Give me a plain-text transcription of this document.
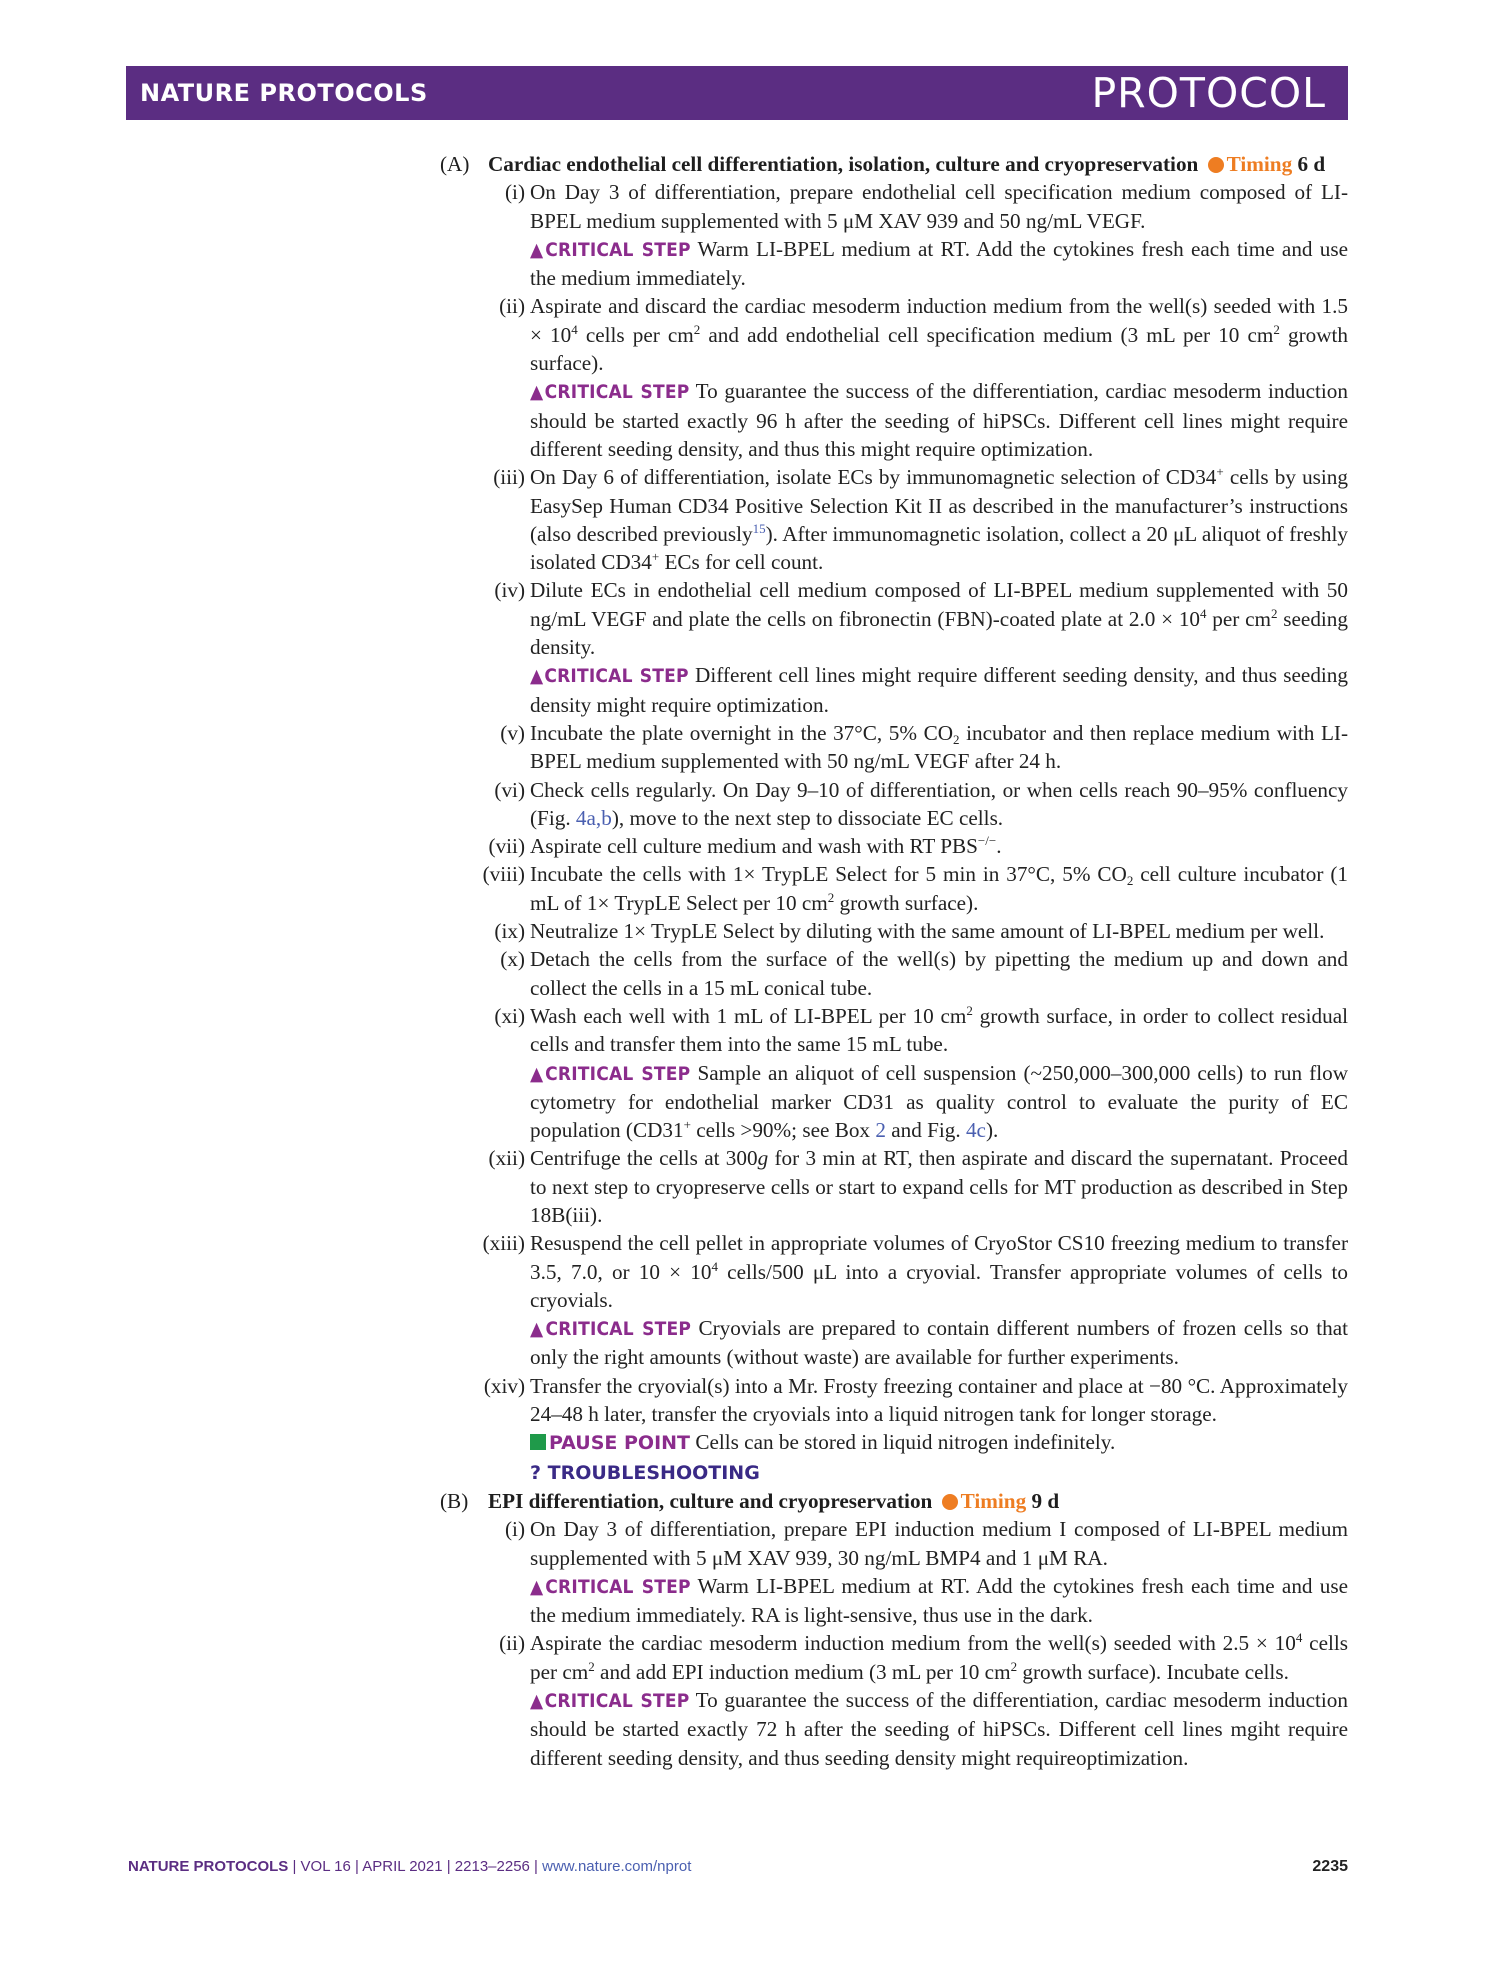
NATURE PROTOCOLS	PROTOCOL
(A) Cardiac endothelial cell differentiation, isolation, culture and cryopreservation Timing 6 d
(i) On Day 3 of differentiation, prepare endothelial cell specification medium composed of LI-BPEL medium supplemented with 5 μM XAV 939 and 50 ng/mL VEGF.
▲CRITICAL STEP Warm LI-BPEL medium at RT. Add the cytokines fresh each time and use the medium immediately.
(ii) Aspirate and discard the cardiac mesoderm induction medium from the well(s) seeded with $1.5 \times 10^4$ cells per $cm^2$ and add endothelial cell specification medium (3 mL per 10 $cm^2$ growth surface).
▲CRITICAL STEP To guarantee the success of the differentiation, cardiac mesoderm induction should be started exactly 96 h after the seeding of hiPSCs. Different cell lines might require different seeding density, and thus this might require optimization.
(iii) On Day 6 of differentiation, isolate ECs by immunomagnetic selection of CD34+ cells by using EasySep Human CD34 Positive Selection Kit II as described in the manufacturer’s instructions (also described previously$^{15}$). After immunomagnetic isolation, collect a 20 μL aliquot of freshly isolated CD34+ ECs for cell count.
(iv) Dilute ECs in endothelial cell medium composed of LI-BPEL medium supplemented with 50 ng/mL VEGF and plate the cells on fibronectin (FBN)-coated plate at $2.0 \times 10^4$ per $cm^2$ seeding density.
▲CRITICAL STEP Different cell lines might require different seeding density, and thus seeding density might require optimization.
(v) Incubate the plate overnight in the 37°C, 5% $CO_2$ incubator and then replace medium with LI-BPEL medium supplemented with 50 ng/mL VEGF after 24 h.
(vi) Check cells regularly. On Day 9–10 of differentiation, or when cells reach 90–95% confluency (Fig. 4a,b), move to the next step to dissociate EC cells.
(vii) Aspirate cell culture medium and wash with RT PBS−/−.
(viii) Incubate the cells with 1× TrypLE Select for 5 min in 37°C, 5% $CO_2$ cell culture incubator (1 mL of 1× TrypLE Select per 10 $cm^2$ growth surface).
(ix) Neutralize 1× TrypLE Select by diluting with the same amount of LI-BPEL medium per well.
(x) Detach the cells from the surface of the well(s) by pipetting the medium up and down and collect the cells in a 15 mL conical tube.
(xi) Wash each well with 1 mL of LI-BPEL per 10 $cm^2$ growth surface, in order to collect residual cells and transfer them into the same 15 mL tube.
▲CRITICAL STEP Sample an aliquot of cell suspension (~250,000–300,000 cells) to run flow cytometry for endothelial marker CD31 as quality control to evaluate the purity of EC population (CD31+ cells >90%; see Box 2 and Fig. 4c).
(xii) Centrifuge the cells at 300g for 3 min at RT, then aspirate and discard the supernatant. Proceed to next step to cryopreserve cells or start to expand cells for MT production as described in Step 18B(iii).
(xiii) Resuspend the cell pellet in appropriate volumes of CryoStor CS10 freezing medium to transfer 3.5, 7.0, or $10 \times 10^4$ cells/500 μL into a cryovial. Transfer appropriate volumes of cells to cryovials.
▲CRITICAL STEP Cryovials are prepared to contain different numbers of frozen cells so that only the right amounts (without waste) are available for further experiments.
(xiv) Transfer the cryovial(s) into a Mr. Frosty freezing container and place at −80 °C. Approximately 24–48 h later, transfer the cryovials into a liquid nitrogen tank for longer storage.
PAUSE POINT Cells can be stored in liquid nitrogen indefinitely.
? TROUBLESHOOTING
(B) EPI differentiation, culture and cryopreservation Timing 9 d
(i) On Day 3 of differentiation, prepare EPI induction medium I composed of LI-BPEL medium supplemented with 5 μM XAV 939, 30 ng/mL BMP4 and 1 μM RA.
▲CRITICAL STEP Warm LI-BPEL medium at RT. Add the cytokines fresh each time and use the medium immediately. RA is light-sensive, thus use in the dark.
(ii) Aspirate the cardiac mesoderm induction medium from the well(s) seeded with $2.5 \times 10^4$ cells per $cm^2$ and add EPI induction medium (3 mL per 10 $cm^2$ growth surface). Incubate cells.
▲CRITICAL STEP To guarantee the success of the differentiation, cardiac mesoderm induction should be started exactly 72 h after the seeding of hiPSCs. Different cell lines mgiht require different seeding density, and thus seeding density might requireoptimization.
NATURE PROTOCOLS | VOL 16 | APRIL 2021 | 2213–2256 | www.nature.com/nprot	2235
